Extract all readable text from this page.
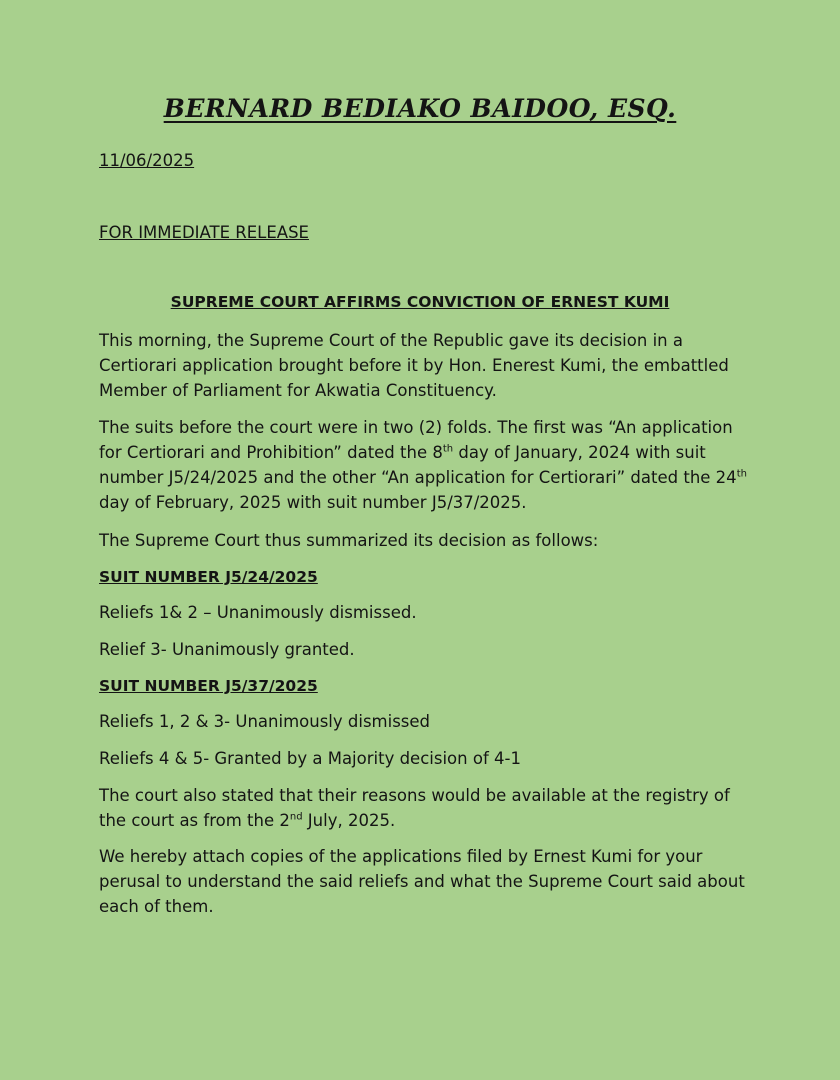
BERNARD BEDIAKO BAIDOO, ESQ.
11/06/2025
FOR IMMEDIATE RELEASE
SUPREME COURT AFFIRMS CONVICTION OF ERNEST KUMI
This morning, the Supreme Court of the Republic gave its decision in a
Certiorari application brought before it by Hon. Enerest Kumi, the embattled
Member of Parliament for Akwatia Constituency.
The suits before the court were in two (2) folds. The first was “An application
for Certiorari and Prohibition” dated the 8th day of January, 2024 with suit
number J5/24/2025 and the other “An application for Certiorari” dated the 24th
day of February, 2025 with suit number J5/37/2025.
The Supreme Court thus summarized its decision as follows:
SUIT NUMBER J5/24/2025
Reliefs 1& 2 – Unanimously dismissed.
Relief 3- Unanimously granted.
SUIT NUMBER J5/37/2025
Reliefs 1, 2 & 3- Unanimously dismissed
Reliefs 4 & 5- Granted by a Majority decision of 4-1
The court also stated that their reasons would be available at the registry of
the court as from the 2nd July, 2025.
We hereby attach copies of the applications filed by Ernest Kumi for your
perusal to understand the said reliefs and what the Supreme Court said about
each of them.
